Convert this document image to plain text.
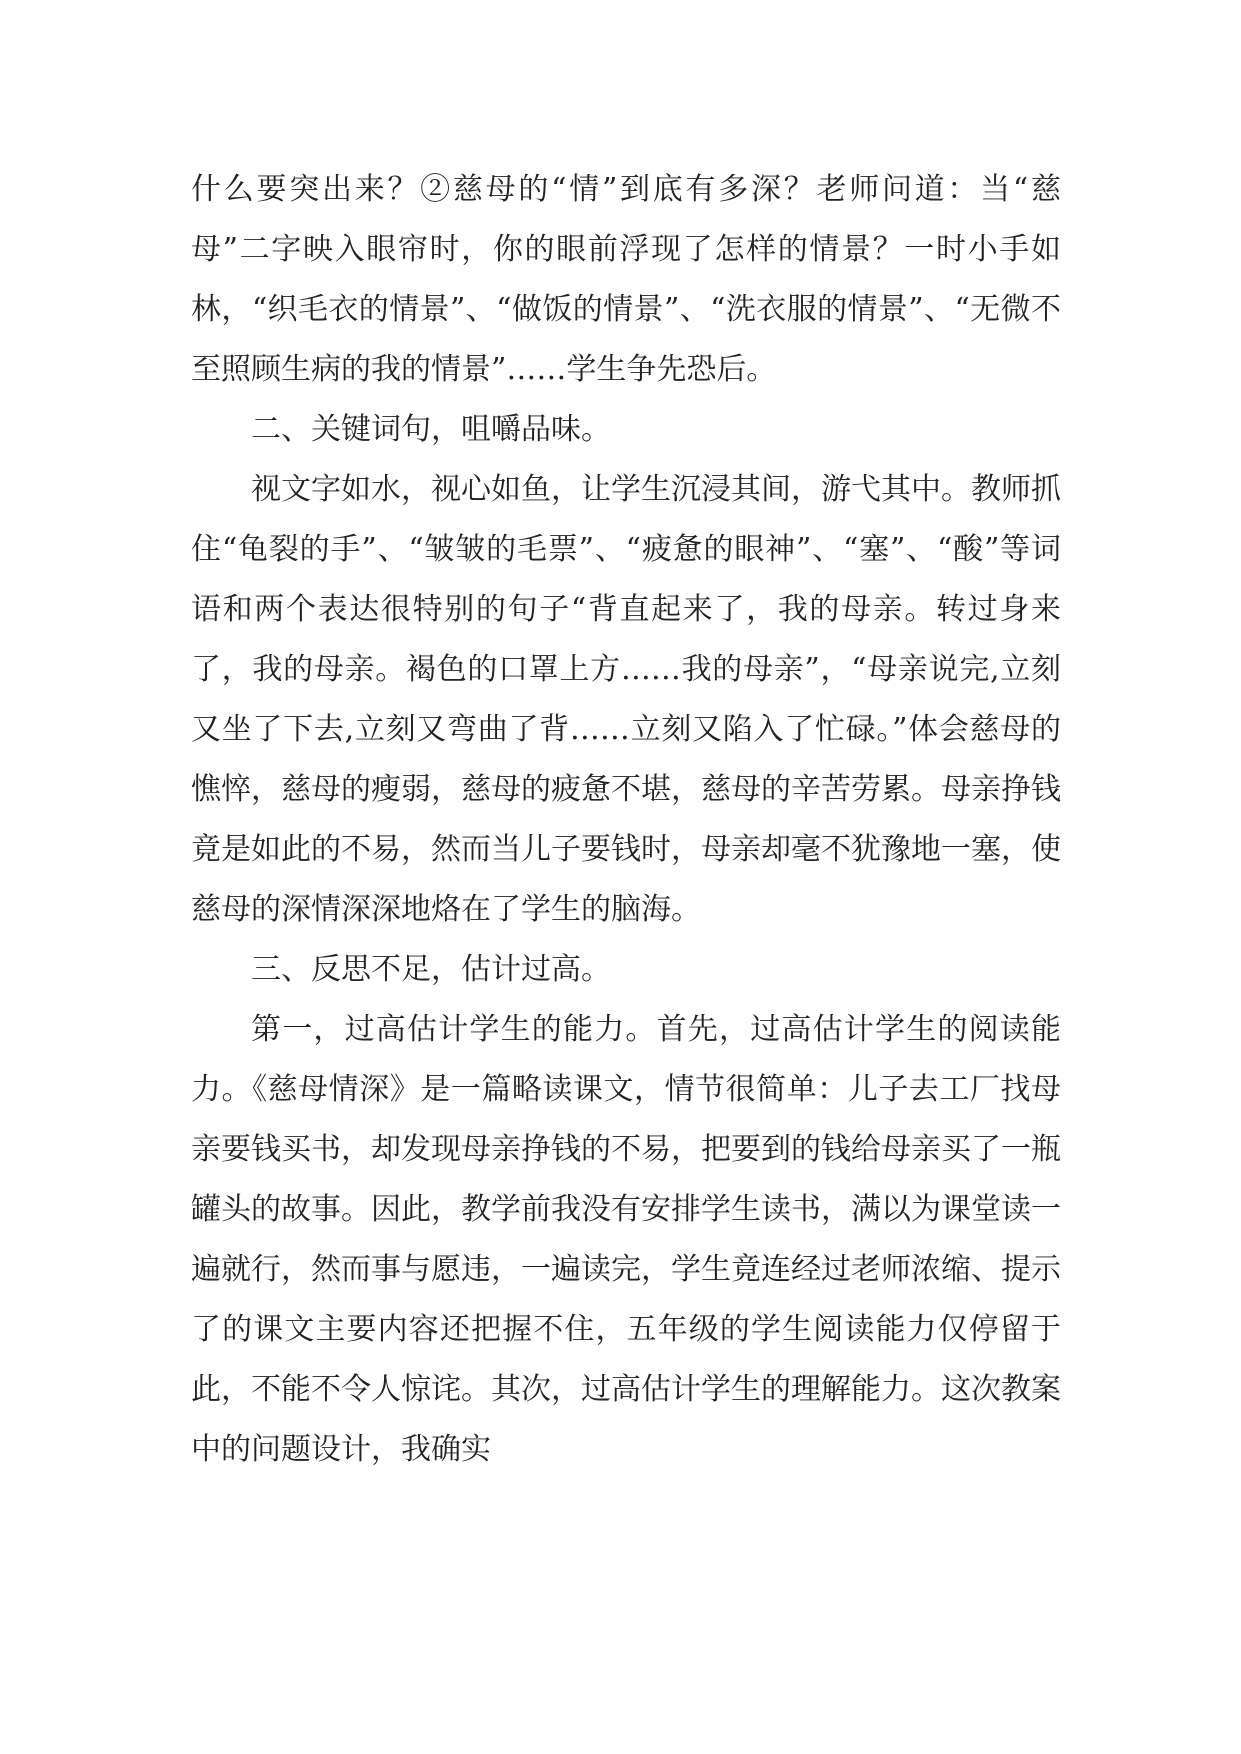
什么要突出来？②慈母的“情”到底有多深？老师问道：当“慈母”二字映入眼帘时，你的眼前浮现了怎样的情景？一时小手如林，“织毛衣的情景”、“做饭的情景”、“洗衣服的情景”、“无微不至照顾生病的我的情景”……学生争先恐后。

二、关键词句，咀嚼品味。

视文字如水，视心如鱼，让学生沉浸其间，游弋其中。教师抓住“龟裂的手”、“皱皱的毛票”、“疲惫的眼神”、“塞”、“酸”等词语和两个表达很特别的句子“背直起来了，我的母亲。转过身来了，我的母亲。褐色的口罩上方……我的母亲”，“母亲说完,立刻又坐了下去,立刻又弯曲了背……立刻又陷入了忙碌。”体会慈母的憔悴，慈母的瘦弱，慈母的疲惫不堪，慈母的辛苦劳累。母亲挣钱竟是如此的不易，然而当儿子要钱时，母亲却毫不犹豫地一塞，使慈母的深情深深地烙在了学生的脑海。

三、反思不足，估计过高。

第一，过高估计学生的能力。首先，过高估计学生的阅读能力。《慈母情深》是一篇略读课文，情节很简单：儿子去工厂找母亲要钱买书，却发现母亲挣钱的不易，把要到的钱给母亲买了一瓶罐头的故事。因此，教学前我没有安排学生读书，满以为课堂读一遍就行，然而事与愿违，一遍读完，学生竟连经过老师浓缩、提示了的课文主要内容还把握不住，五年级的学生阅读能力仅停留于此，不能不令人惊诧。其次，过高估计学生的理解能力。这次教案中的问题设计，我确实
